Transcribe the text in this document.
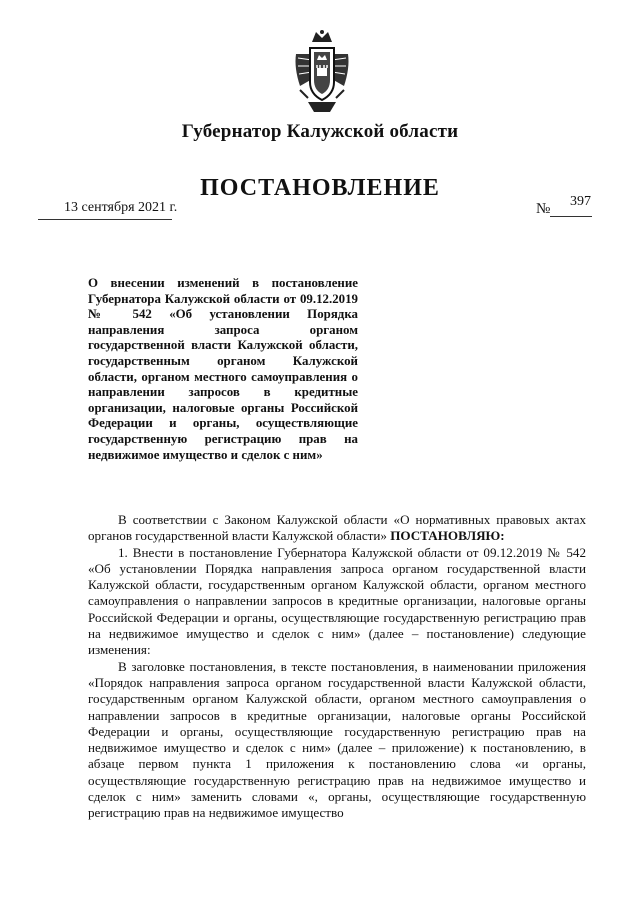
Губернатор Калужской области
ПОСТАНОВЛЕНИЕ
13 сентября 2021 г.	№ 397
О внесении изменений в постановление Губернатора Калужской области от 09.12.2019 № 542 «Об установлении Порядка направления запроса органом государственной власти Калужской области, государственным органом Калужской области, органом местного самоуправления о направлении запросов в кредитные организации, налоговые органы Российской Федерации и органы, осуществляющие государственную регистрацию прав на недвижимое имущество и сделок с ним»

В соответствии с Законом Калужской области «О нормативных правовых актах органов государственной власти Калужской области» ПОСТАНОВЛЯЮ:

1. Внести в постановление Губернатора Калужской области от 09.12.2019 № 542 «Об установлении Порядка направления запроса органом государственной власти Калужской области, государственным органом Калужской области, органом местного самоуправления о направлении запросов в кредитные организации, налоговые органы Российской Федерации и органы, осуществляющие государственную регистрацию прав на недвижимое имущество и сделок с ним» (далее – постановление) следующие изменения:

В заголовке постановления, в тексте постановления, в наименовании приложения «Порядок направления запроса органом государственной власти Калужской области, государственным органом Калужской области, органом местного самоуправления о направлении запросов в кредитные организации, налоговые органы Российской Федерации и органы, осуществляющие государственную регистрацию прав на недвижимое имущество и сделок с ним» (далее – приложение) к постановлению, в абзаце первом пункта 1 приложения к постановлению слова «и органы, осуществляющие государственную регистрацию прав на недвижимое имущество и сделок с ним» заменить словами «, органы, осуществляющие государственную регистрацию прав на недвижимое имущество
